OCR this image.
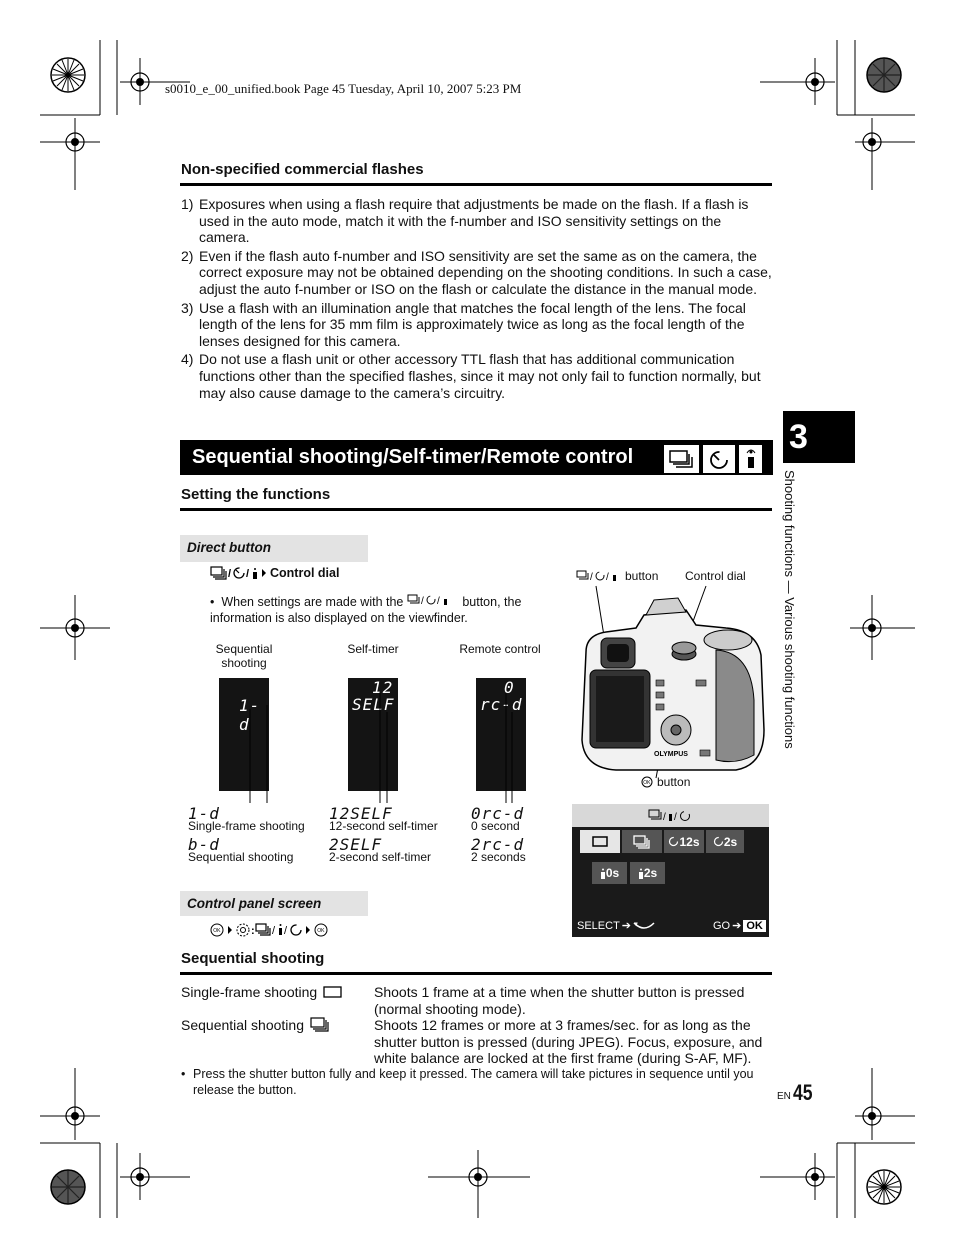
s0010_e_00_unified.book Page 45 Tuesday, April 10, 2007 5:23 PM
Non-specified commercial flashes
1) Exposures when using a flash require that adjustments be made on the flash. If a flash is used in the auto mode, match it with the f-number and ISO sensitivity settings on the camera.
2) Even if the flash auto f-number and ISO sensitivity are set the same as on the camera, the correct exposure may not be obtained depending on the shooting conditions. In such a case, adjust the auto f-number or ISO on the flash or calculate the distance in the manual mode.
3) Use a flash with an illumination angle that matches the focal length of the lens. The focal length of the lens for 35 mm film is approximately twice as long as the focal length of the lenses designed for this camera.
4) Do not use a flash unit or other accessory TTL flash that has additional communication functions other than the specified flashes, since it may not only fail to function normally, but may also cause damage to the camera’s circuitry.
Sequential shooting/Self-timer/Remote control
3
Shooting functions — Various shooting functions
Setting the functions
Direct button
/ / Control dial
•  When settings are made with the / / button, the information is also displayed on the viewfinder.
Sequential
shooting
Self-timer	Remote control
1-d
12
SELF
0
rc-d
1-d
Single-frame shooting
b-d
Sequential shooting
12SELF
12-second self-timer
2SELF
2-second self-timer
0rc-d
0 second
2rc-d
2 seconds
/ / button Control dial
OLYMPUS
OK button
/ /
12s 2s
0s 2s
SELECT ➔	GO ➔ OK
Control panel screen
OK	: / /	OK
Sequential shooting
Single-frame shooting	Shoots 1 frame at a time when the shutter button is pressed (normal shooting mode).
Sequential shooting	Shoots 12 frames or more at 3 frames/sec. for as long as the shutter button is pressed (during JPEG). Focus, exposure, and white balance are locked at the first frame (during S-AF, MF).
• Press the shutter button fully and keep it pressed. The camera will take pictures in sequence until you release the button.	EN 45
